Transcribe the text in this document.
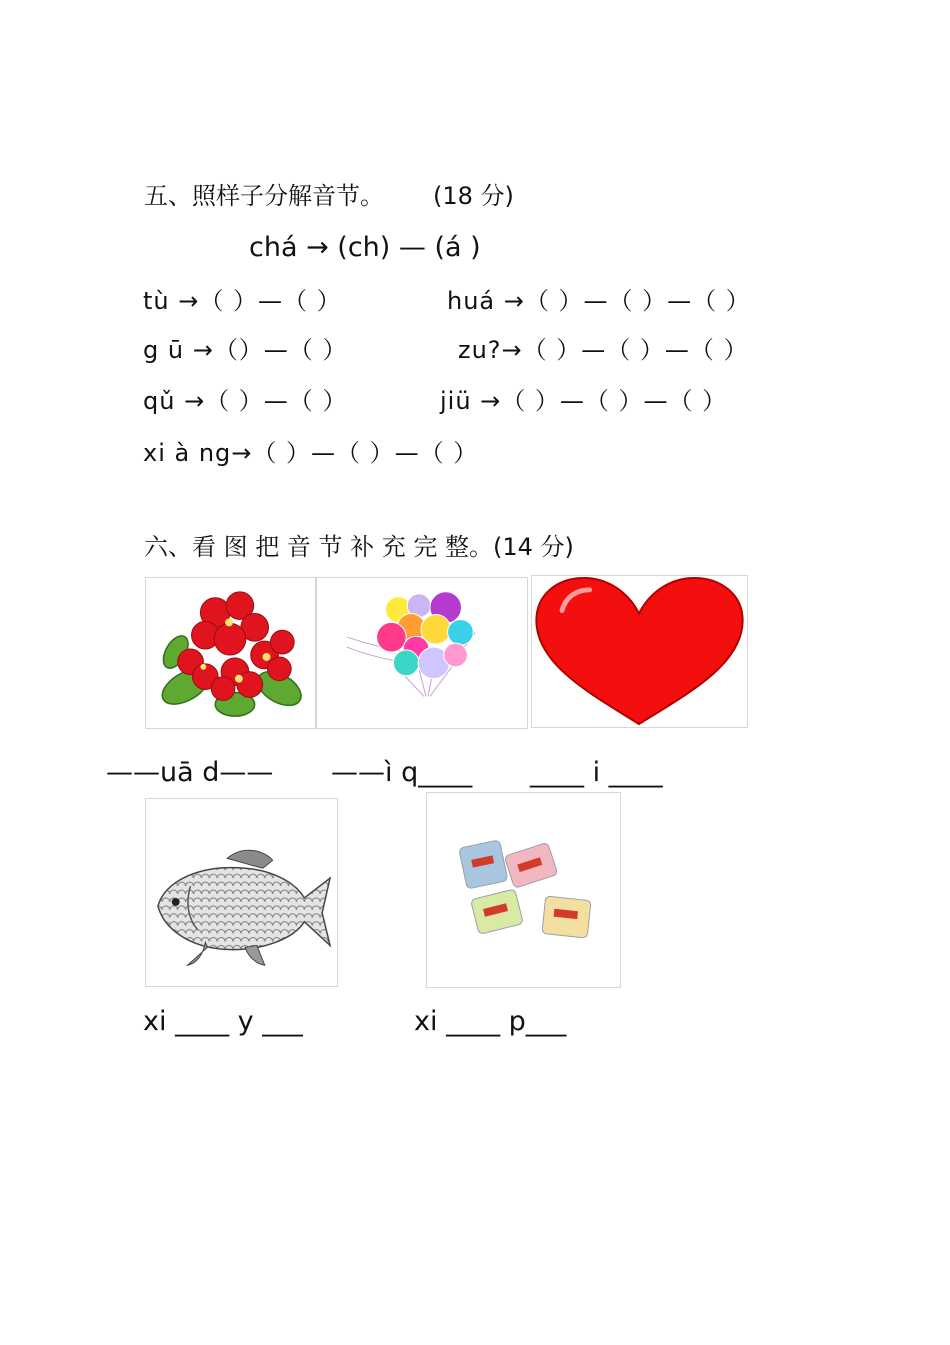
五、照样子分解音节。 (18 分)
chá → (ch) — (á )
tù →（ ）—（ ）	huá →（ ）—（ ）—（ ）
g ū →（）—（ ）	zu?→（ ）—（ ）—（ ）
qǔ →（ ）—（ ）	jiü →（ ）—（ ）—（ ）
xi à ng→（ ）—（ ）—（ ）
六、看 图 把 音 节 补 充 完 整。(14 分)
——uā d—— ——ì q____ ____ i ____
xi ____ y ___	xi ____ p___
